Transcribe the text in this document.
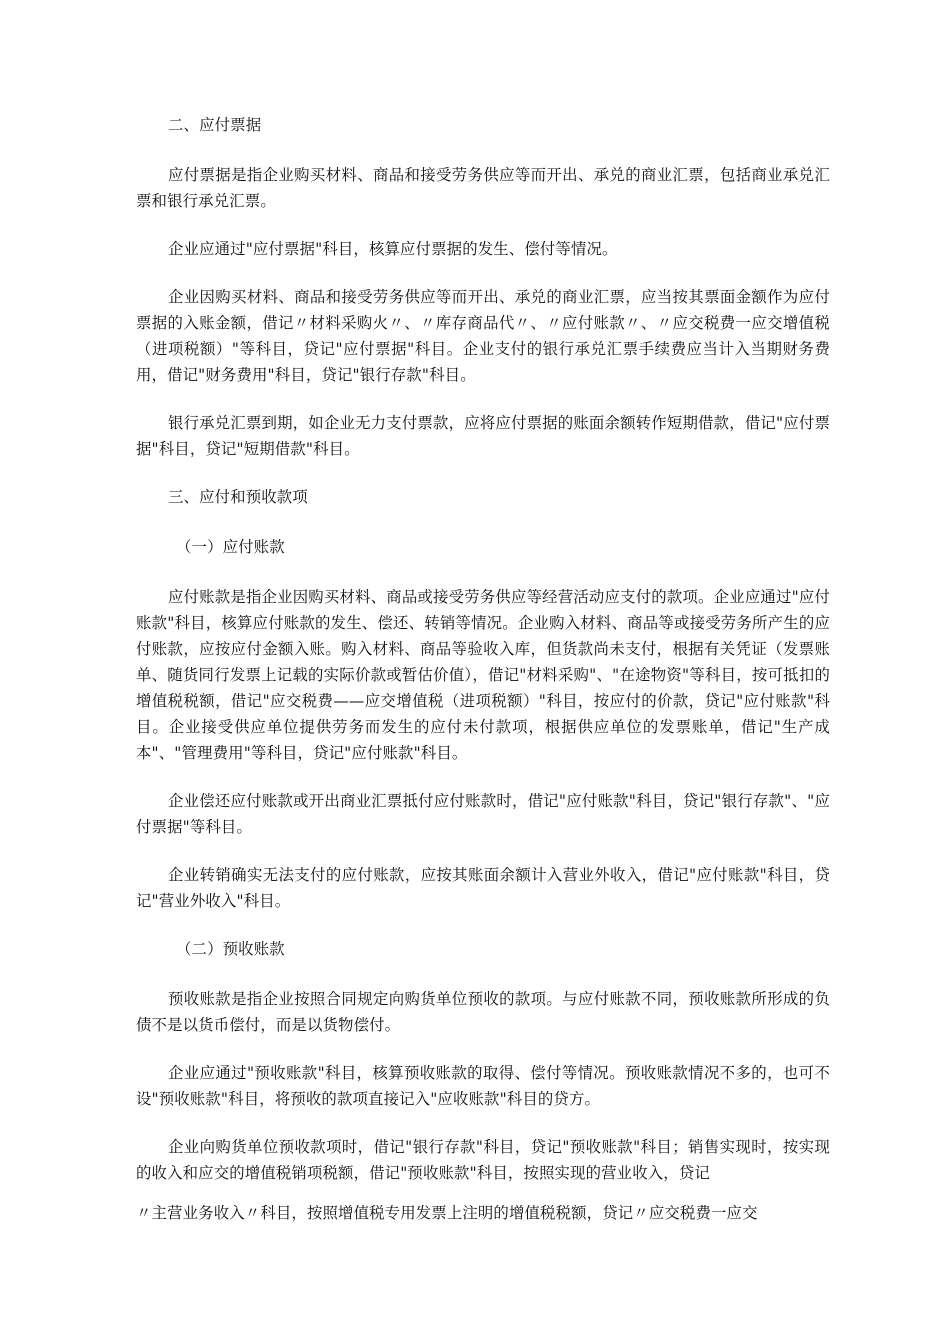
二、应付票据

应付票据是指企业购买材料、商品和接受劳务供应等而开出、承兑的商业汇票，包括商业承兑汇票和银行承兑汇票。

企业应通过"应付票据"科目，核算应付票据的发生、偿付等情况。

企业因购买材料、商品和接受劳务供应等而开出、承兑的商业汇票，应当按其票面金额作为应付票据的入账金额，借记〃材料采购火〃、〃库存商品代〃、〃应付账款〃、〃应交税费一应交增值税（进项税额）"等科目，贷记"应付票据"科目。企业支付的银行承兑汇票手续费应当计入当期财务费用，借记"财务费用"科目，贷记"银行存款"科目。

银行承兑汇票到期，如企业无力支付票款，应将应付票据的账面余额转作短期借款，借记"应付票据"科目，贷记"短期借款"科目。

三、应付和预收款项

（一）应付账款

应付账款是指企业因购买材料、商品或接受劳务供应等经营活动应支付的款项。企业应通过"应付账款"科目，核算应付账款的发生、偿还、转销等情况。企业购入材料、商品等或接受劳务所产生的应付账款，应按应付金额入账。购入材料、商品等验收入库，但货款尚未支付，根据有关凭证（发票账单、随货同行发票上记载的实际价款或暂估价值），借记"材料采购"、"在途物资"等科目，按可抵扣的增值税税额，借记"应交税费——应交增值税（进项税额）"科目，按应付的价款，贷记"应付账款"科目。企业接受供应单位提供劳务而发生的应付未付款项，根据供应单位的发票账单，借记"生产成本"、"管理费用"等科目，贷记"应付账款"科目。

企业偿还应付账款或开出商业汇票抵付应付账款时，借记"应付账款"科目，贷记"银行存款"、"应付票据"等科目。

企业转销确实无法支付的应付账款，应按其账面余额计入营业外收入，借记"应付账款"科目，贷记"营业外收入"科目。

（二）预收账款

预收账款是指企业按照合同规定向购货单位预收的款项。与应付账款不同，预收账款所形成的负债不是以货币偿付，而是以货物偿付。

企业应通过"预收账款"科目，核算预收账款的取得、偿付等情况。预收账款情况不多的，也可不设"预收账款"科目，将预收的款项直接记入"应收账款"科目的贷方。

企业向购货单位预收款项时，借记"银行存款"科目，贷记"预收账款"科目；销售实现时，按实现的收入和应交的增值税销项税额，借记"预收账款"科目，按照实现的营业收入，贷记

〃主营业务收入〃科目，按照增值税专用发票上注明的增值税税额，贷记〃应交税费一应交
